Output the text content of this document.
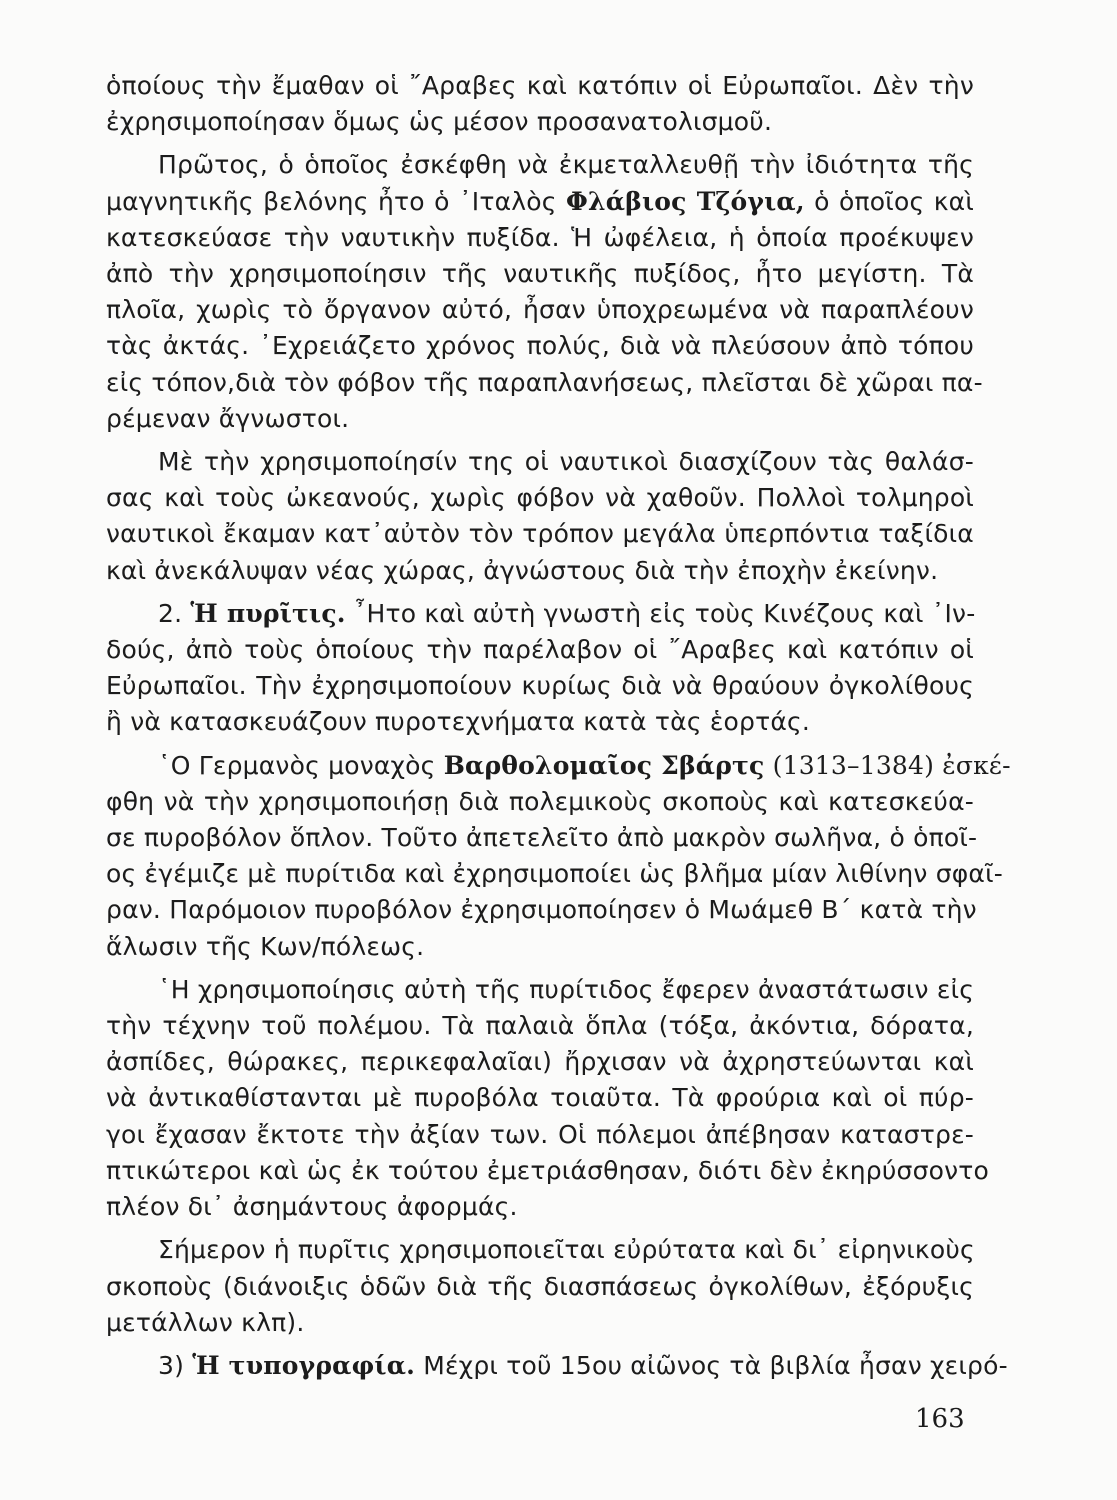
ὁποίους τὴν ἔμαθαν οἱ ῎Αραβες καὶ κατόπιν οἱ Εὐρωπαῖοι. Δὲν τὴν
ἐχρησιμοποίησαν ὅμως ὡς μέσον προσανατολισμοῦ.
Πρῶτος, ὁ ὁποῖος ἐσκέφθη νὰ ἐκμεταλλευθῇ τὴν ἰδιότητα τῆς
μαγνητικῆς βελόνης ἦτο ὁ ᾿Ιταλὸς Φλάβιος Τζόγια, ὁ ὁποῖος καὶ
κατεσκεύασε τὴν ναυτικὴν πυξίδα. Ἡ ὠφέλεια, ἡ ὁποία προέκυψεν
ἀπὸ τὴν χρησιμοποίησιν τῆς ναυτικῆς πυξίδος, ἦτο μεγίστη. Τὰ
πλοῖα, χωρὶς τὸ ὄργανον αὐτό, ἦσαν ὑποχρεωμένα νὰ παραπλέουν
τὰς ἀκτάς. ᾿Εχρειάζετο χρόνος πολύς, διὰ νὰ πλεύσουν ἀπὸ τόπου
εἰς τόπον,διὰ τὸν φόβον τῆς παραπλανήσεως, πλεῖσται δὲ χῶραι πα-
ρέμεναν ἄγνωστοι.
Μὲ τὴν χρησιμοποίησίν της οἱ ναυτικοὶ διασχίζουν τὰς θαλάσ-
σας καὶ τοὺς ὠκεανούς, χωρὶς φόβον νὰ χαθοῦν. Πολλοὶ τολμηροὶ
ναυτικοὶ ἔκαμαν κατ᾿αὐτὸν τὸν τρόπον μεγάλα ὑπερπόντια ταξίδια
καὶ ἀνεκάλυψαν νέας χώρας, ἀγνώστους διὰ τὴν ἐποχὴν ἐκείνην.
2. Ἡ πυρῖτις. ῏Ητο καὶ αὐτὴ γνωστὴ εἰς τοὺς Κινέζους καὶ ᾿Ιν-
δούς, ἀπὸ τοὺς ὁποίους τὴν παρέλαβον οἱ ῎Αραβες καὶ κατόπιν οἱ
Εὐρωπαῖοι. Τὴν ἐχρησιμοποίουν κυρίως διὰ νὰ θραύουν ὀγκολίθους
ἢ νὰ κατασκευάζουν πυροτεχνήματα κατὰ τὰς ἑορτάς.
῾Ο Γερμανὸς μοναχὸς Βαρθολομαῖος Σβάρτς (1313–1384) ἐσκέ-
φθη νὰ τὴν χρησιμοποιήσῃ διὰ πολεμικοὺς σκοποὺς καὶ κατεσκεύα-
σε πυροβόλον ὅπλον. Τοῦτο ἀπετελεῖτο ἀπὸ μακρὸν σωλῆνα, ὁ ὁποῖ-
ος ἐγέμιζε μὲ πυρίτιδα καὶ ἐχρησιμοποίει ὡς βλῆμα μίαν λιθίνην σφαῖ-
ραν. Παρόμοιον πυροβόλον ἐχρησιμοποίησεν ὁ Μωάμεθ Β΄ κατὰ τὴν
ἅλωσιν τῆς Κων/πόλεως.
῾Η χρησιμοποίησις αὐτὴ τῆς πυρίτιδος ἔφερεν ἀναστάτωσιν εἰς
τὴν τέχνην τοῦ πολέμου. Τὰ παλαιὰ ὅπλα (τόξα, ἀκόντια, δόρατα,
ἀσπίδες, θώρακες, περικεφαλαῖαι) ἤρχισαν νὰ ἀχρηστεύωνται καὶ
νὰ ἀντικαθίστανται μὲ πυροβόλα τοιαῦτα. Τὰ φρούρια καὶ οἱ πύρ-
γοι ἔχασαν ἔκτοτε τὴν ἀξίαν των. Οἱ πόλεμοι ἀπέβησαν καταστρε-
πτικώτεροι καὶ ὡς ἐκ τούτου ἐμετριάσθησαν, διότι δὲν ἐκηρύσσοντο
πλέον δι᾿ ἀσημάντους ἀφορμάς.
Σήμερον ἡ πυρῖτις χρησιμοποιεῖται εὐρύτατα καὶ δι᾿ εἰρηνικοὺς
σκοποὺς (διάνοιξις ὁδῶν διὰ τῆς διασπάσεως ὀγκολίθων, ἐξόρυξις
μετάλλων κλπ).
3) Ἡ τυπογραφία. Μέχρι τοῦ 15ου αἰῶνος τὰ βιβλία ἦσαν χειρό-
163
